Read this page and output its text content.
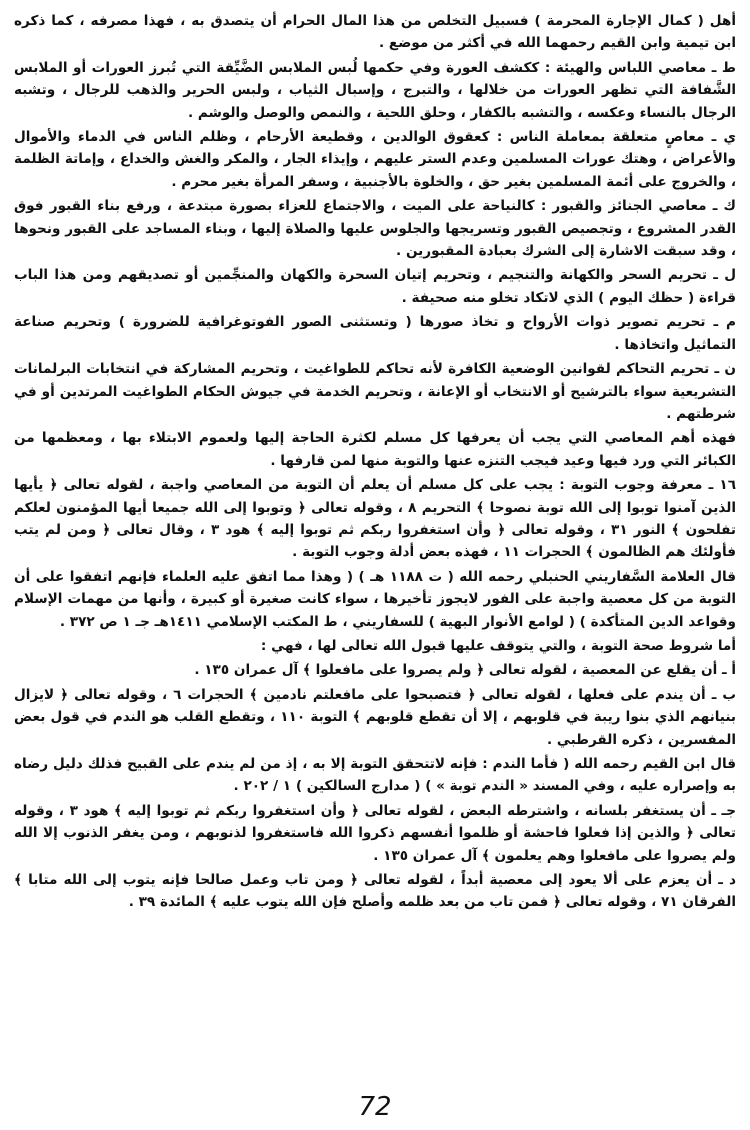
أهل ( كمال الإجارة المحرمة ) فسبيل التخلص من هذا المال الحرام أن يتصدق به ، فهذا مصرفه ، كما ذكره ابن تيمية وابن القيم رحمهما الله في أكثر من موضع .

ط ـ معاصي اللباس والهيئة : ككشف العورة وفي حكمها لُبس الملابس الضَّيِّقة التي تُبرز العورات أو الملابس الشَّفافة التي تظهر العورات من خلالها ، والتبرج ، وإسبال الثياب ، ولبس الحرير والذهب للرجال ، وتشبه الرجال بالنساء وعكسه ، والتشبه بالكفار ، وحلق اللحية ، والنمص والوصل والوشم .

ي ـ معاصٍ متعلقة بمعاملة الناس : كعقوق الوالدين ، وقطيعة الأرحام ، وظلم الناس في الدماء والأموال والأعراض ، وهتك عورات المسلمين وعدم الستر عليهم ، وإيذاء الجار ، والمكر والغش والخداع ، وإماتة الظلمة ، والخروج على أئمة المسلمين بغير حق ، والخلوة بالأجنبية ، وسفر المرأة بغير محرم .

ك ـ معاصي الجنائز والقبور : كالنياحة على الميت ، والاجتماع للعزاء بصورة مبتدعة ، ورفع بناء القبور فوق القدر المشروع ، وتجصيص القبور وتسريجها والجلوس عليها والصلاة إليها ، وبناء المساجد على القبور ونحوها ، وقد سبقت الاشارة إلى الشرك بعبادة المقبورين .

ل ـ تحريم السحر والكهانة والتنجيم ، وتحريم إتيان السحرة والكهان والمنجِّمين أو تصديقهم ومن هذا الباب قراءة ( حظك اليوم ) الذي لاتكاد تخلو منه صحيفة .

م ـ تحريم تصوير ذوات الأرواح و تخاذ صورها ( وتستثنى الصور الفوتوغرافية للضرورة ) وتحريم صناعة التماثيل واتخاذها .

ن ـ تحريم التحاكم لقوانين الوضعية الكافرة لأنه تحاكم للطواغيت ، وتحريم المشاركة في انتخابات البرلمانات التشريعية سواء بالترشيح أو الانتخاب أو الإعانة ، وتحريم الخدمة في جيوش الحكام الطواغيت المرتدين أو في شرطتهم .

فهذه أهم المعاصي التي يجب أن يعرفها كل مسلم لكثرة الحاجة إليها ولعموم الابتلاء بها ، ومعظمها من الكبائر التي ورد فيها وعيد فيجب التنزه عنها والتوبة منها لمن قارفها .

١٦ ـ معرفة وجوب التوبة : يجب على كل مسلم أن يعلم أن التوبة من المعاصي واجبة ، لقوله تعالى ﴿ يأيها الذين آمنوا توبوا إلى الله توبة نصوحا ﴾ التحريم ٨ ، وقوله تعالى ﴿ وتوبوا إلى الله جميعا أيها المؤمنون لعلكم تفلحون ﴾ النور ٣١ ، وقوله تعالى ﴿ وأن استغفروا ربكم ثم توبوا إليه ﴾ هود ٣ ، وقال تعالى ﴿ ومن لم يتب فأولئك هم الظالمون ﴾ الحجرات ١١ ، فهذه بعض أدلة وجوب التوبة .

قال العلامة السَّفاريني الحنبلي رحمه الله ( ت ١١٨٨ هـ ) ( وهذا مما اتفق عليه العلماء فإنهم اتفقوا على أن التوبة من كل معصية واجبة على الفور لايجوز تأخيرها ، سواء كانت صغيرة أو كبيرة ، وأنها من مهمات الإسلام وقواعد الدين المتأكدة ) ( لوامع الأنوار البهية ) للسفاريني ، ط المكتب الإسلامي ١٤١١هـ جـ ١ ص ٣٧٢ .

أما شروط صحة التوبة ، والتي يتوقف عليها قبول الله تعالى لها ، فهي :

أ ـ أن يقلع عن المعصية ، لقوله تعالى ﴿ ولم يصروا على مافعلوا ﴾ آل عمران ١٣٥ .

ب ـ أن يندم على فعلها ، لقوله تعالى ﴿ فتصبحوا على مافعلتم نادمين ﴾ الحجرات ٦ ، وقوله تعالى ﴿ لايزال بنيانهم الذي بنوا ريبة في قلوبهم ، إلا أن تقطع قلوبهم ﴾ التوبة ١١٠ ، وتقطع القلب هو الندم في قول بعض المفسرين ، ذكره القرطبي .

قال ابن القيم رحمه الله ( فأما الندم : فإنه لاتتحقق التوبة إلا به ، إذ من لم يندم على القبيح فذلك دليل رضاه به وإصراره عليه ، وفي المسند « الندم توبة » ) ( مدارج السالكين ) ١ / ٢٠٢ .

جـ ـ أن يستغفر بلسانه ، واشترطه البعض ، لقوله تعالى ﴿ وأن استغفروا ربكم ثم توبوا إليه ﴾ هود ٣ ، وقوله تعالى ﴿ والذين إذا فعلوا فاحشة أو ظلموا أنفسهم ذكروا الله فاستغفروا لذنوبهم ، ومن يغفر الذنوب إلا الله ولم يصروا على مافعلوا وهم يعلمون ﴾ آل عمران ١٣٥ .

د ـ أن يعزم على ألا يعود إلى معصية أبداً ، لقوله تعالى ﴿ ومن تاب وعمل صالحا فإنه يتوب إلى الله متابا ﴾ الفرقان ٧١ ، وقوله تعالى ﴿ فمن تاب من بعد ظلمه وأصلح فإن الله يتوب عليه ﴾ المائدة ٣٩ .

72
